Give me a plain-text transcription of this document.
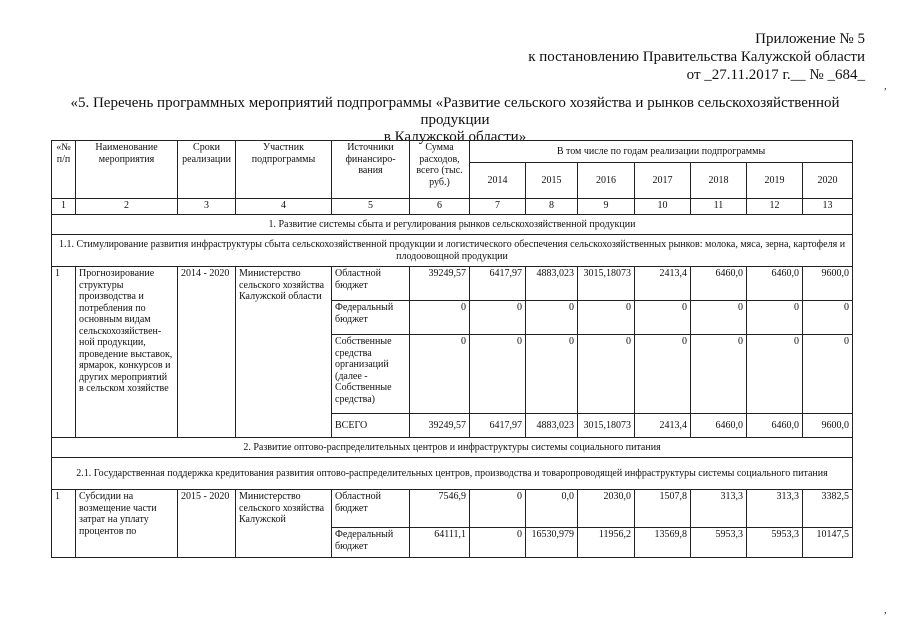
Приложение № 5
к постановлению Правительства Калужской области
от _27.11.2017 г.__ № _684_
«5. Перечень программных мероприятий подпрограммы «Развитие сельского хозяйства и рынков сельскохозяйственной продукции
в Калужской области»
«№ п/п	Наименование мероприятия	Сроки реализации	Участник подпрограммы	Источники финансиро-вания	Сумма расходов, всего (тыс. руб.)	В том числе по годам реализации подпрограммы						
						2014	2015	2016	2017	2018	2019	2020
1	2	3	4	5	6	7	8	9	10	11	12	13
1. Развитие системы сбыта и регулирования рынков сельскохозяйственной продукции												
1.1. Стимулирование развития инфраструктуры сбыта сельскохозяйственной продукции и логистического обеспечения сельскохозяйственных рынков: молока, мяса, зерна, картофеля и плодоовощной продукции												
1	Прогнозирование структуры производства и потребления по основным видам сельскохозяйствен-ной продукции, проведение выставок, ярмарок, конкурсов и других мероприятий в сельском хозяйстве	2014 - 2020	Министерство сельского хозяйства Калужской области	Областной бюджет	39249,57	6417,97	4883,023	3015,18073	2413,4	6460,0	6460,0	9600,0
				Федеральный бюджет	0	0	0	0	0	0	0	0
				Собственные средства организаций (далее - Собственные средства)	0	0	0	0	0	0	0	0
				ВСЕГО	39249,57	6417,97	4883,023	3015,18073	2413,4	6460,0	6460,0	9600,0
2. Развитие оптово-распределительных центров и инфраструктуры системы социального питания												
2.1. Государственная поддержка кредитования развития оптово-распределительных центров, производства и товаропроводящей инфраструктуры системы социального питания												
1	Субсидии на возмещение части затрат на уплату процентов по	2015 - 2020	Министерство сельского хозяйства Калужской	Областной бюджет	7546,9	0	0,0	2030,0	1507,8	313,3	313,3	3382,5
				Федеральный бюджет	64111,1	0	16530,979	11956,2	13569,8	5953,3	5953,3	10147,5
,
,
